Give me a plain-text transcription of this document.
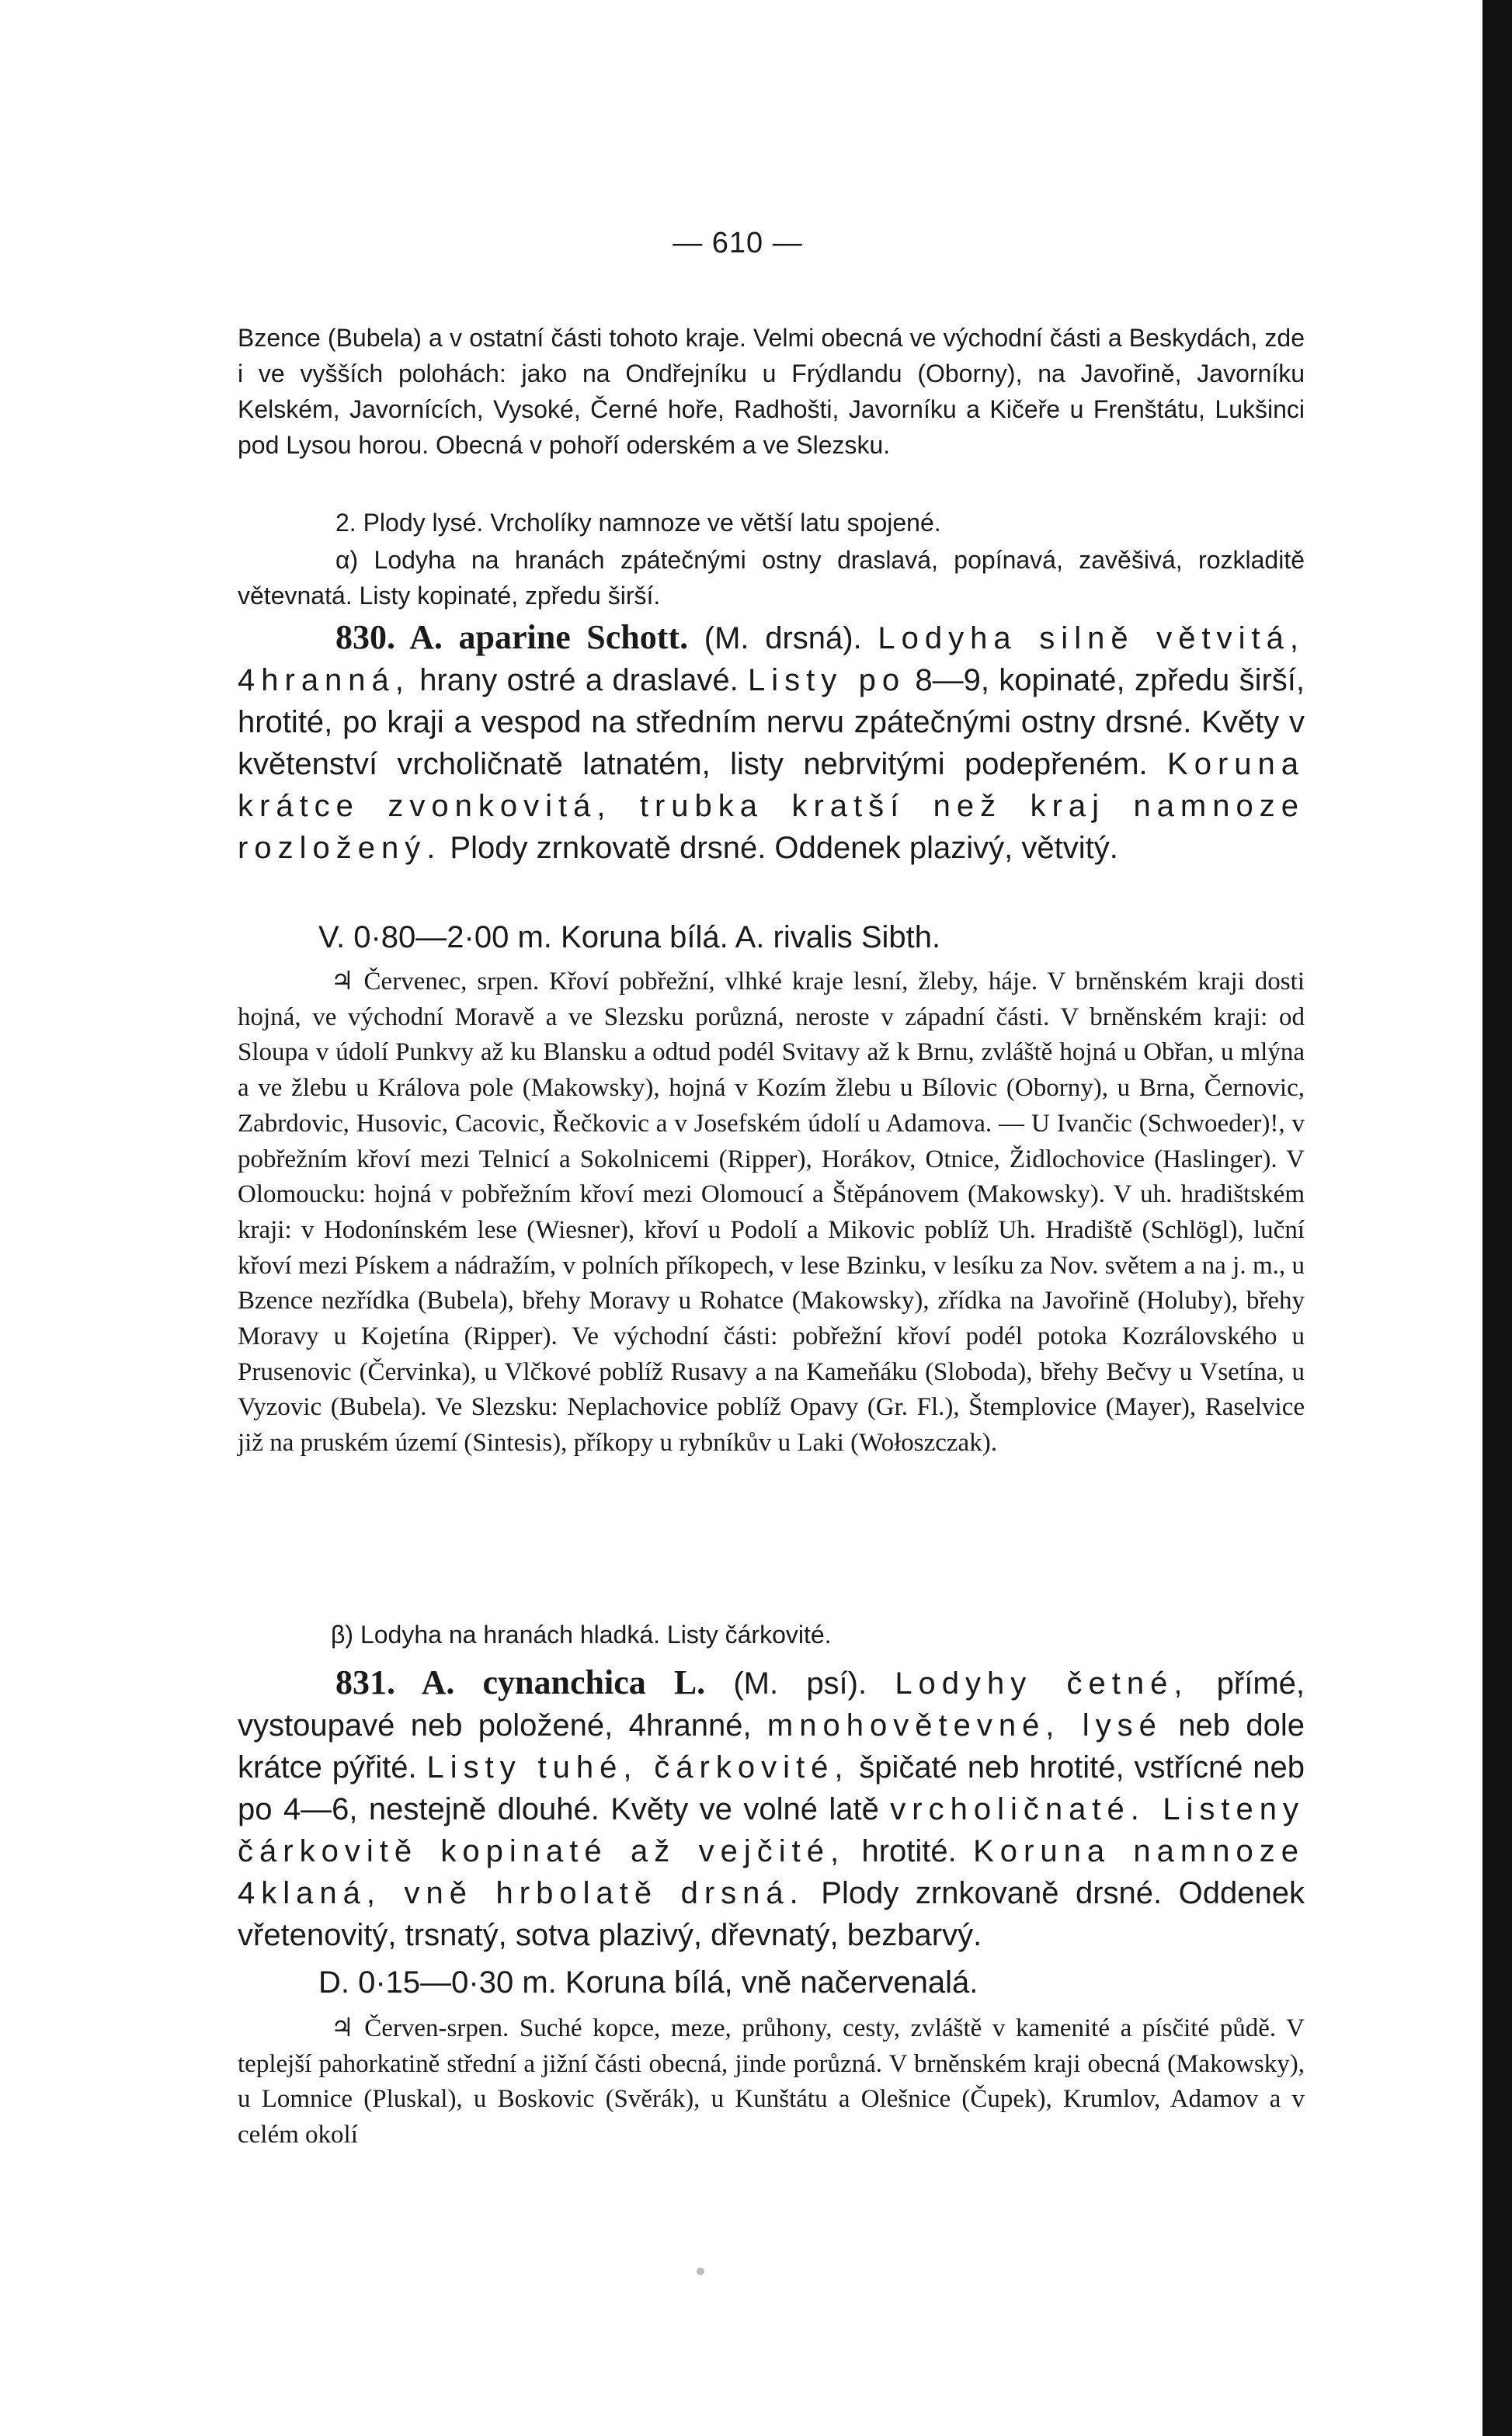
— 610 —
Bzence (Bubela) a v ostatní části tohoto kraje. Velmi obecná ve východní části a Beskydách, zde i ve vyšších polohách: jako na Ondřejníku u Frýdlandu (Oborny), na Javořině, Javorníku Kelském, Javornících, Vysoké, Černé hoře, Radhošti, Javorníku a Kičeře u Frenštátu, Lukšinci pod Lysou horou. Obecná v pohoří oderském a ve Slezsku.
2. Plody lysé. Vrcholíky namnoze ve větší latu spojené.
α) Lodyha na hranách zpátečnými ostny draslavá, popínavá, zavěšivá, rozkladitě větevnatá. Listy kopinaté, zpředu širší.
830. A. aparine Schott. (M. drsná). Lodyha silně větvitá, 4hranná, hrany ostré a draslavé. Listy po 8—9, kopinaté, zpředu širší, hrotité, po kraji a vespod na středním nervu zpátečnými ostny drsné. Květy v květenství vrcholičnatě latnatém, listy nebrvitými podepřeném. Koruna krátce zvonkovitá, trubka kratší než kraj namnoze rozložený. Plody zrnkovatě drsné. Oddenek plazivý, větvitý.
V. 0·80—2·00 m. Koruna bílá. A. rivalis Sibth.
♃ Červenec, srpen. Křoví pobřežní, vlhké kraje lesní, žleby, háje. V brněnském kraji dosti hojná, ve východní Moravě a ve Slezsku porůzná, neroste v západní části. V brněnském kraji: od Sloupa v údolí Punkvy až ku Blansku a odtud podél Svitavy až k Brnu, zvláště hojná u Obřan, u mlýna a ve žlebu u Králova pole (Makowsky), hojná v Kozím žlebu u Bílovic (Oborny), u Brna, Černovic, Zabrdovic, Husovic, Cacovic, Řečkovic a v Josefském údolí u Adamova. — U Ivančic (Schwoeder)!, v pobřežním křoví mezi Telnicí a Sokolnicemi (Ripper), Horákov, Otnice, Židlochovice (Haslinger). V Olomoucku: hojná v pobřežním křoví mezi Olomoucí a Štěpánovem (Makowsky). V uh. hradištském kraji: v Hodonínském lese (Wiesner), křoví u Podolí a Mikovic poblíž Uh. Hradiště (Schlögl), luční křoví mezi Pískem a nádražím, v polních příkopech, v lese Bzinku, v lesíku za Nov. světem a na j. m., u Bzence nezřídka (Bubela), břehy Moravy u Rohatce (Makowsky), zřídka na Javořině (Holuby), břehy Moravy u Kojetína (Ripper). Ve východní části: pobřežní křoví podél potoka Kozrálovského u Prusenovic (Červinka), u Vlčkové poblíž Rusavy a na Kameňáku (Sloboda), břehy Bečvy u Vsetína, u Vyzovic (Bubela). Ve Slezsku: Neplachovice poblíž Opavy (Gr. Fl.), Štemplovice (Mayer), Raselvice již na pruském území (Sintesis), příkopy u rybníkův u Laki (Wołoszczak).
β) Lodyha na hranách hladká. Listy čárkovité.
831. A. cynanchica L. (M. psí). Lodyhy četné, přímé, vystoupavé neb položené, 4hranné, mnohovětevné, lysé neb dole krátce pýřité. Listy tuhé, čárkovité, špičaté neb hrotité, vstřícné neb po 4—6, nestejně dlouhé. Květy ve volné latě vrcholičnaté. Listeny čárkovitě kopinaté až vejčité, hrotité. Koruna namnoze 4klaná, vně hrbolatě drsná. Plody zrnkovaně drsné. Oddenek vřetenovitý, trsnatý, sotva plazivý, dřevnatý, bezbarvý.
D. 0·15—0·30 m. Koruna bílá, vně načervenalá.
♃ Červen-srpen. Suché kopce, meze, průhony, cesty, zvláště v kamenité a písčité půdě. V teplejší pahorkatině střední a jižní části obecná, jinde porůzná. V brněnském kraji obecná (Makowsky), u Lomnice (Pluskal), u Boskovic (Svěrák), u Kunštátu a Olešnice (Čupek), Krumlov, Adamov a v celém okolí
